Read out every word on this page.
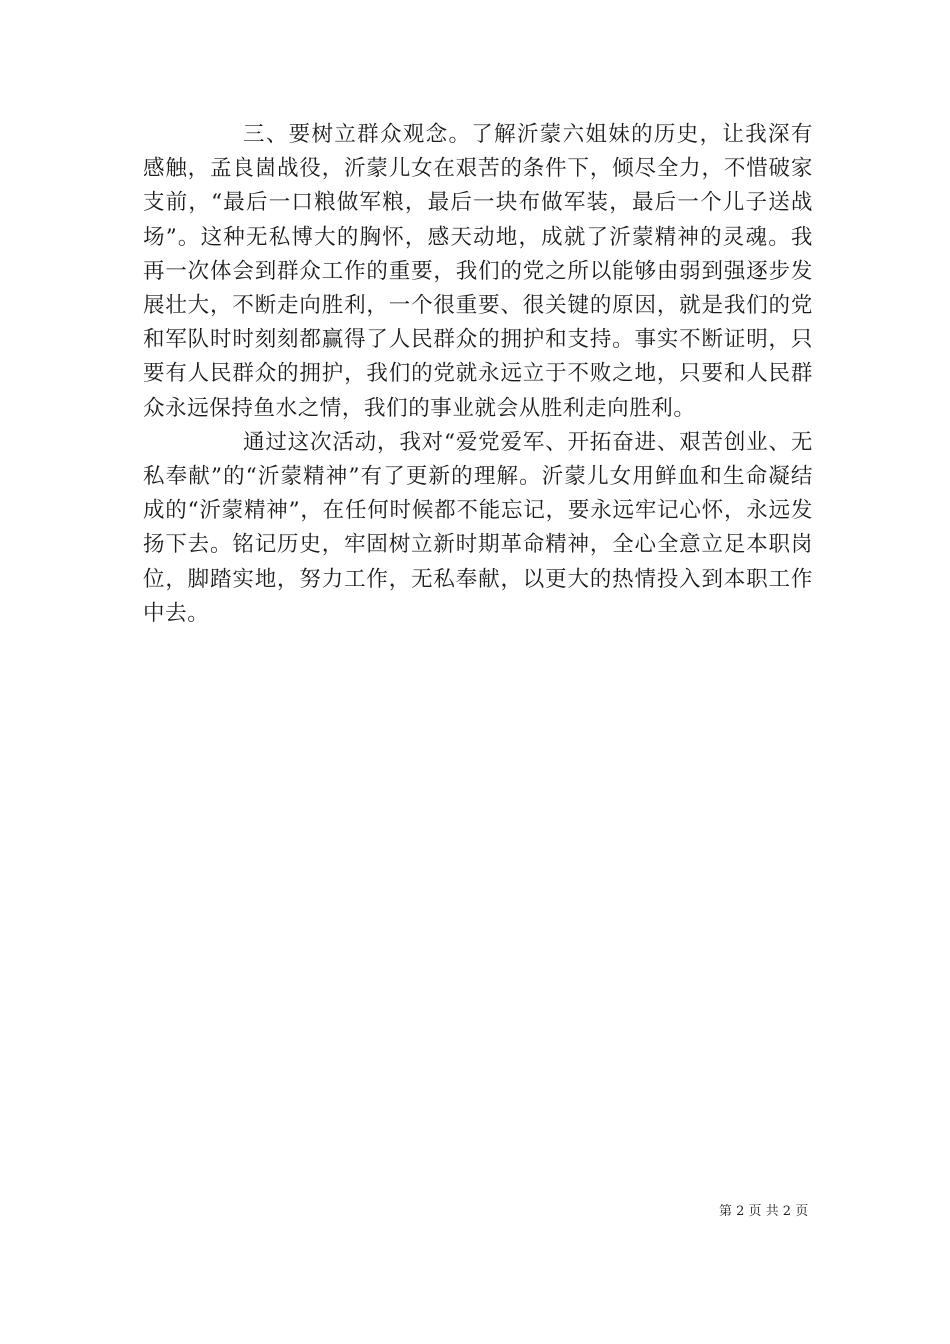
三、要树立群众观念。了解沂蒙六姐妹的历史，让我深有感触，孟良崮战役，沂蒙儿女在艰苦的条件下，倾尽全力，不惜破家支前，“最后一口粮做军粮，最后一块布做军装，最后一个儿子送战场”。这种无私博大的胸怀，感天动地，成就了沂蒙精神的灵魂。我再一次体会到群众工作的重要，我们的党之所以能够由弱到强逐步发展壮大，不断走向胜利，一个很重要、很关键的原因，就是我们的党和军队时时刻刻都赢得了人民群众的拥护和支持。事实不断证明，只要有人民群众的拥护，我们的党就永远立于不败之地，只要和人民群众永远保持鱼水之情，我们的事业就会从胜利走向胜利。

通过这次活动，我对“爱党爱军、开拓奋进、艰苦创业、无私奉献”的“沂蒙精神”有了更新的理解。沂蒙儿女用鲜血和生命凝结成的“沂蒙精神”，在任何时候都不能忘记，要永远牢记心怀，永远发扬下去。铭记历史，牢固树立新时期革命精神，全心全意立足本职岗位，脚踏实地，努力工作，无私奉献，以更大的热情投入到本职工作中去。

第 2 页 共 2 页
